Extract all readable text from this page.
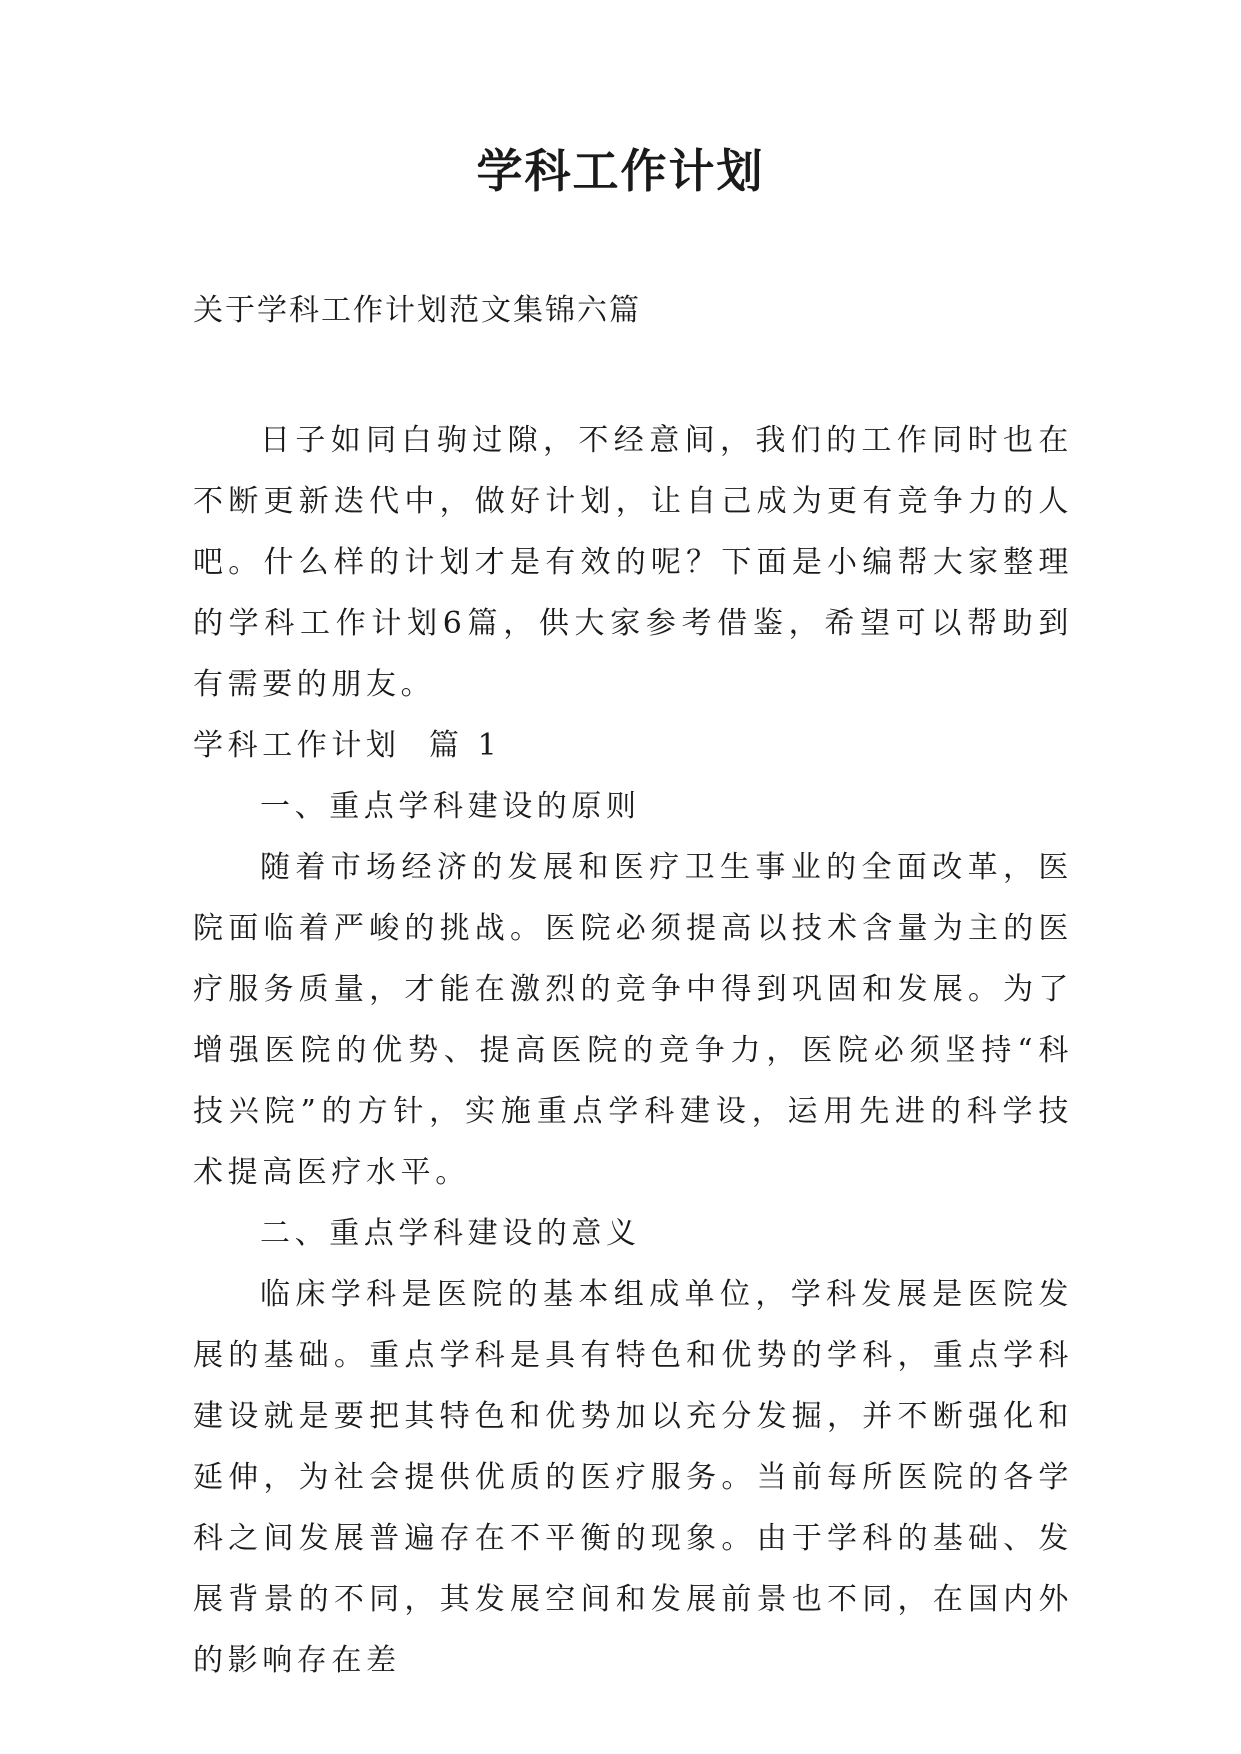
学科工作计划
关于学科工作计划范文集锦六篇

日子如同白驹过隙，不经意间，我们的工作同时也在不断更新迭代中，做好计划，让自己成为更有竞争力的人吧。什么样的计划才是有效的呢？下面是小编帮大家整理的学科工作计划6篇，供大家参考借鉴，希望可以帮助到有需要的朋友。

学科工作计划  篇 1

一、重点学科建设的原则

随着市场经济的发展和医疗卫生事业的全面改革，医院面临着严峻的挑战。医院必须提高以技术含量为主的医疗服务质量，才能在激烈的竞争中得到巩固和发展。为了增强医院的优势、提高医院的竞争力，医院必须坚持“科技兴院”的方针，实施重点学科建设，运用先进的科学技术提高医疗水平。

二、重点学科建设的意义

临床学科是医院的基本组成单位，学科发展是医院发展的基础。重点学科是具有特色和优势的学科，重点学科建设就是要把其特色和优势加以充分发掘，并不断强化和延伸，为社会提供优质的医疗服务。当前每所医院的各学科之间发展普遍存在不平衡的现象。由于学科的基础、发展背景的不同，其发展空间和发展前景也不同，在国内外的影响存在差
